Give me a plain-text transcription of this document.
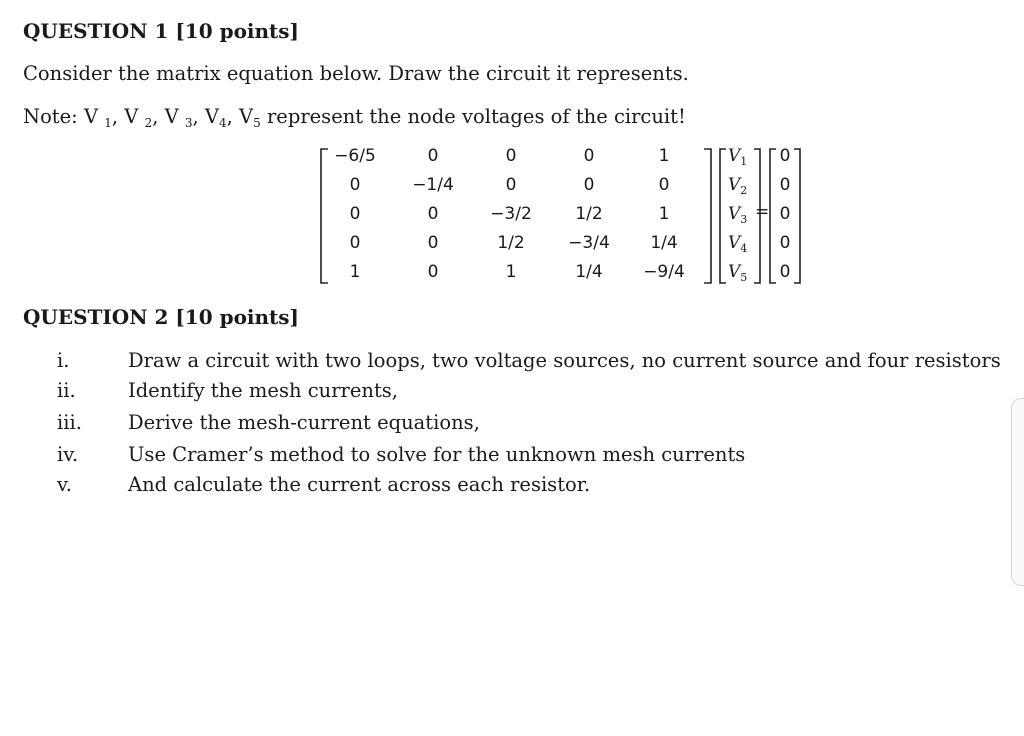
QUESTION 1 [10 points]
Consider the matrix equation below. Draw the circuit it represents.
Note: V $_1$, V $_2$, V $_3$, $V_4$, $V_5$ represent the node voltages of the circuit!
−6/5	0	0	0	1
0	−1/4	0	0	0
0	0	−3/2	1/2	1
0	0	1/2	−3/4	1/4
1	0	1	1/4	−9/4
$V_1$
$V_2$
$V_3$
$V_4$
$V_5$
=
0
0
0
0
0
QUESTION 2 [10 points]
i.	Draw a circuit with two loops, two voltage sources, no current source and four resistors
ii.	Identify the mesh currents,
iii. Derive the mesh-current equations,
iv.	Use Cramer’s method to solve for the unknown mesh currents
v.	And calculate the current across each resistor.
